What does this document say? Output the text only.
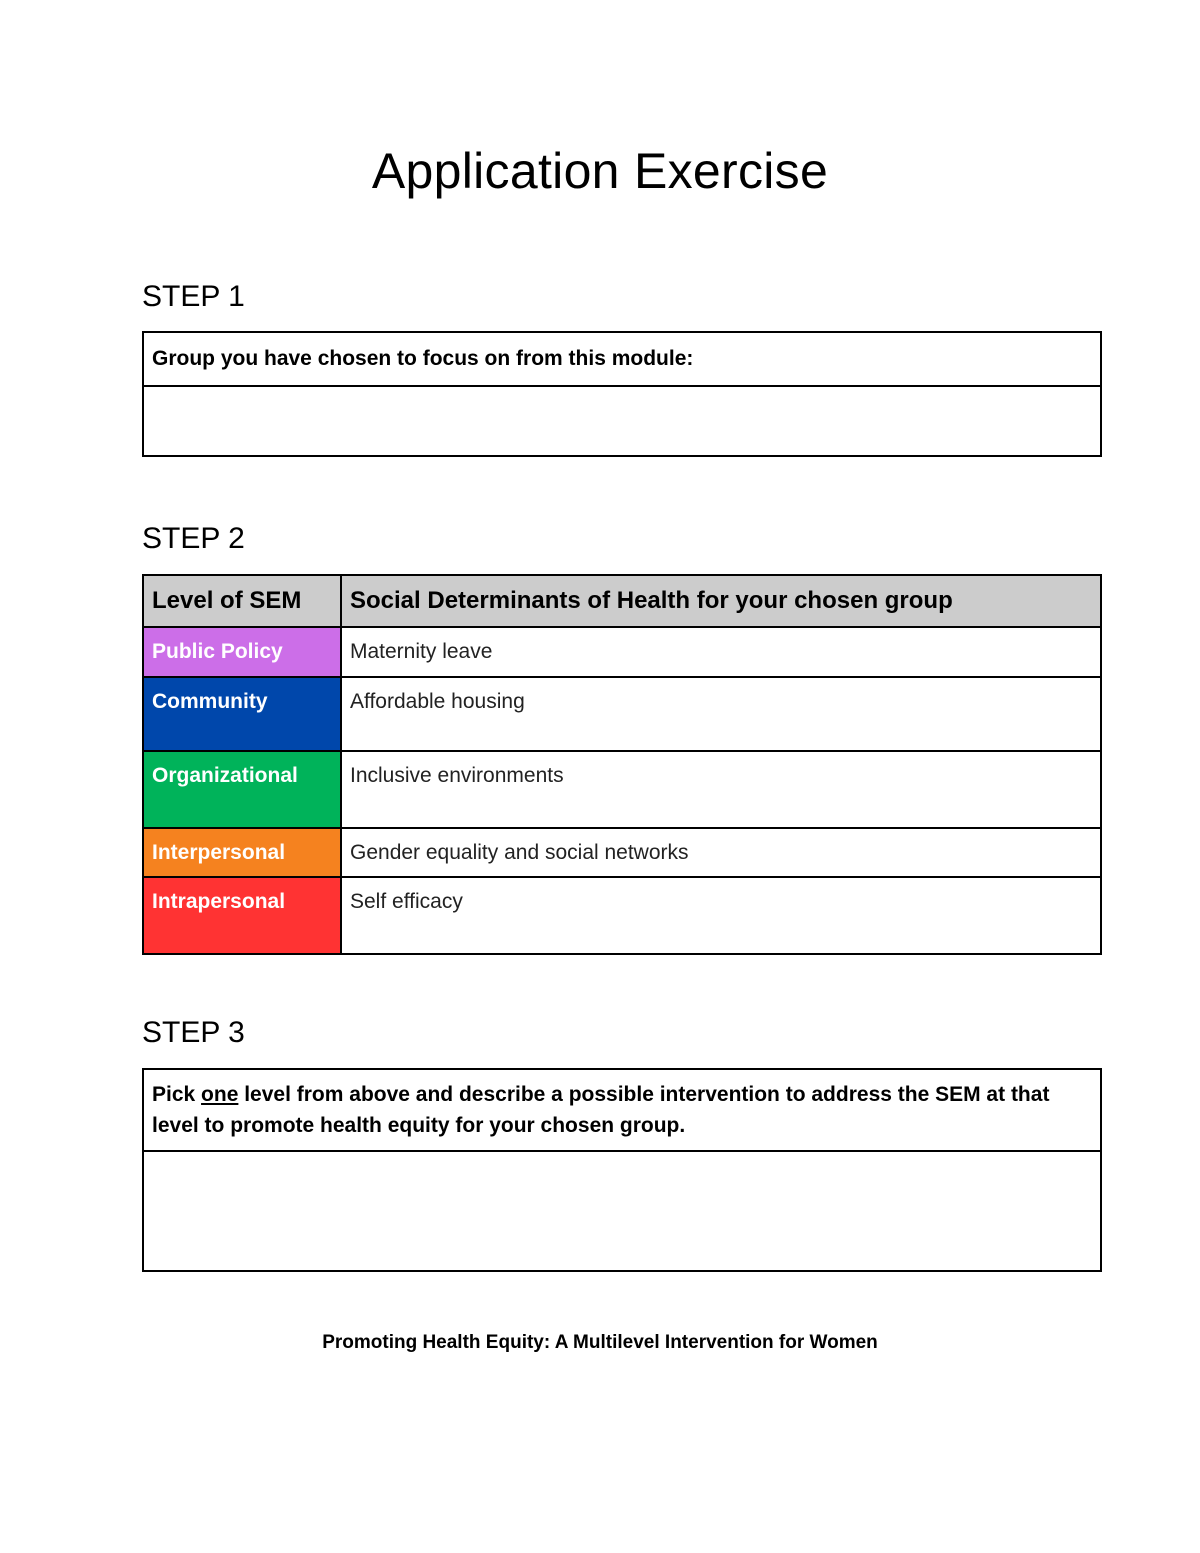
Application Exercise
STEP 1
Group you have chosen to focus on from this module:

STEP 2
Level of SEM	Social Determinants of Health for your chosen group
Public Policy	Maternity leave
Community	Affordable housing
Organizational	Inclusive environments
Interpersonal	Gender equality and social networks
Intrapersonal	Self efficacy
STEP 3
Pick one level from above and describe a possible intervention to address the SEM at that level to promote health equity for your chosen group.

Promoting Health Equity: A Multilevel Intervention for Women
